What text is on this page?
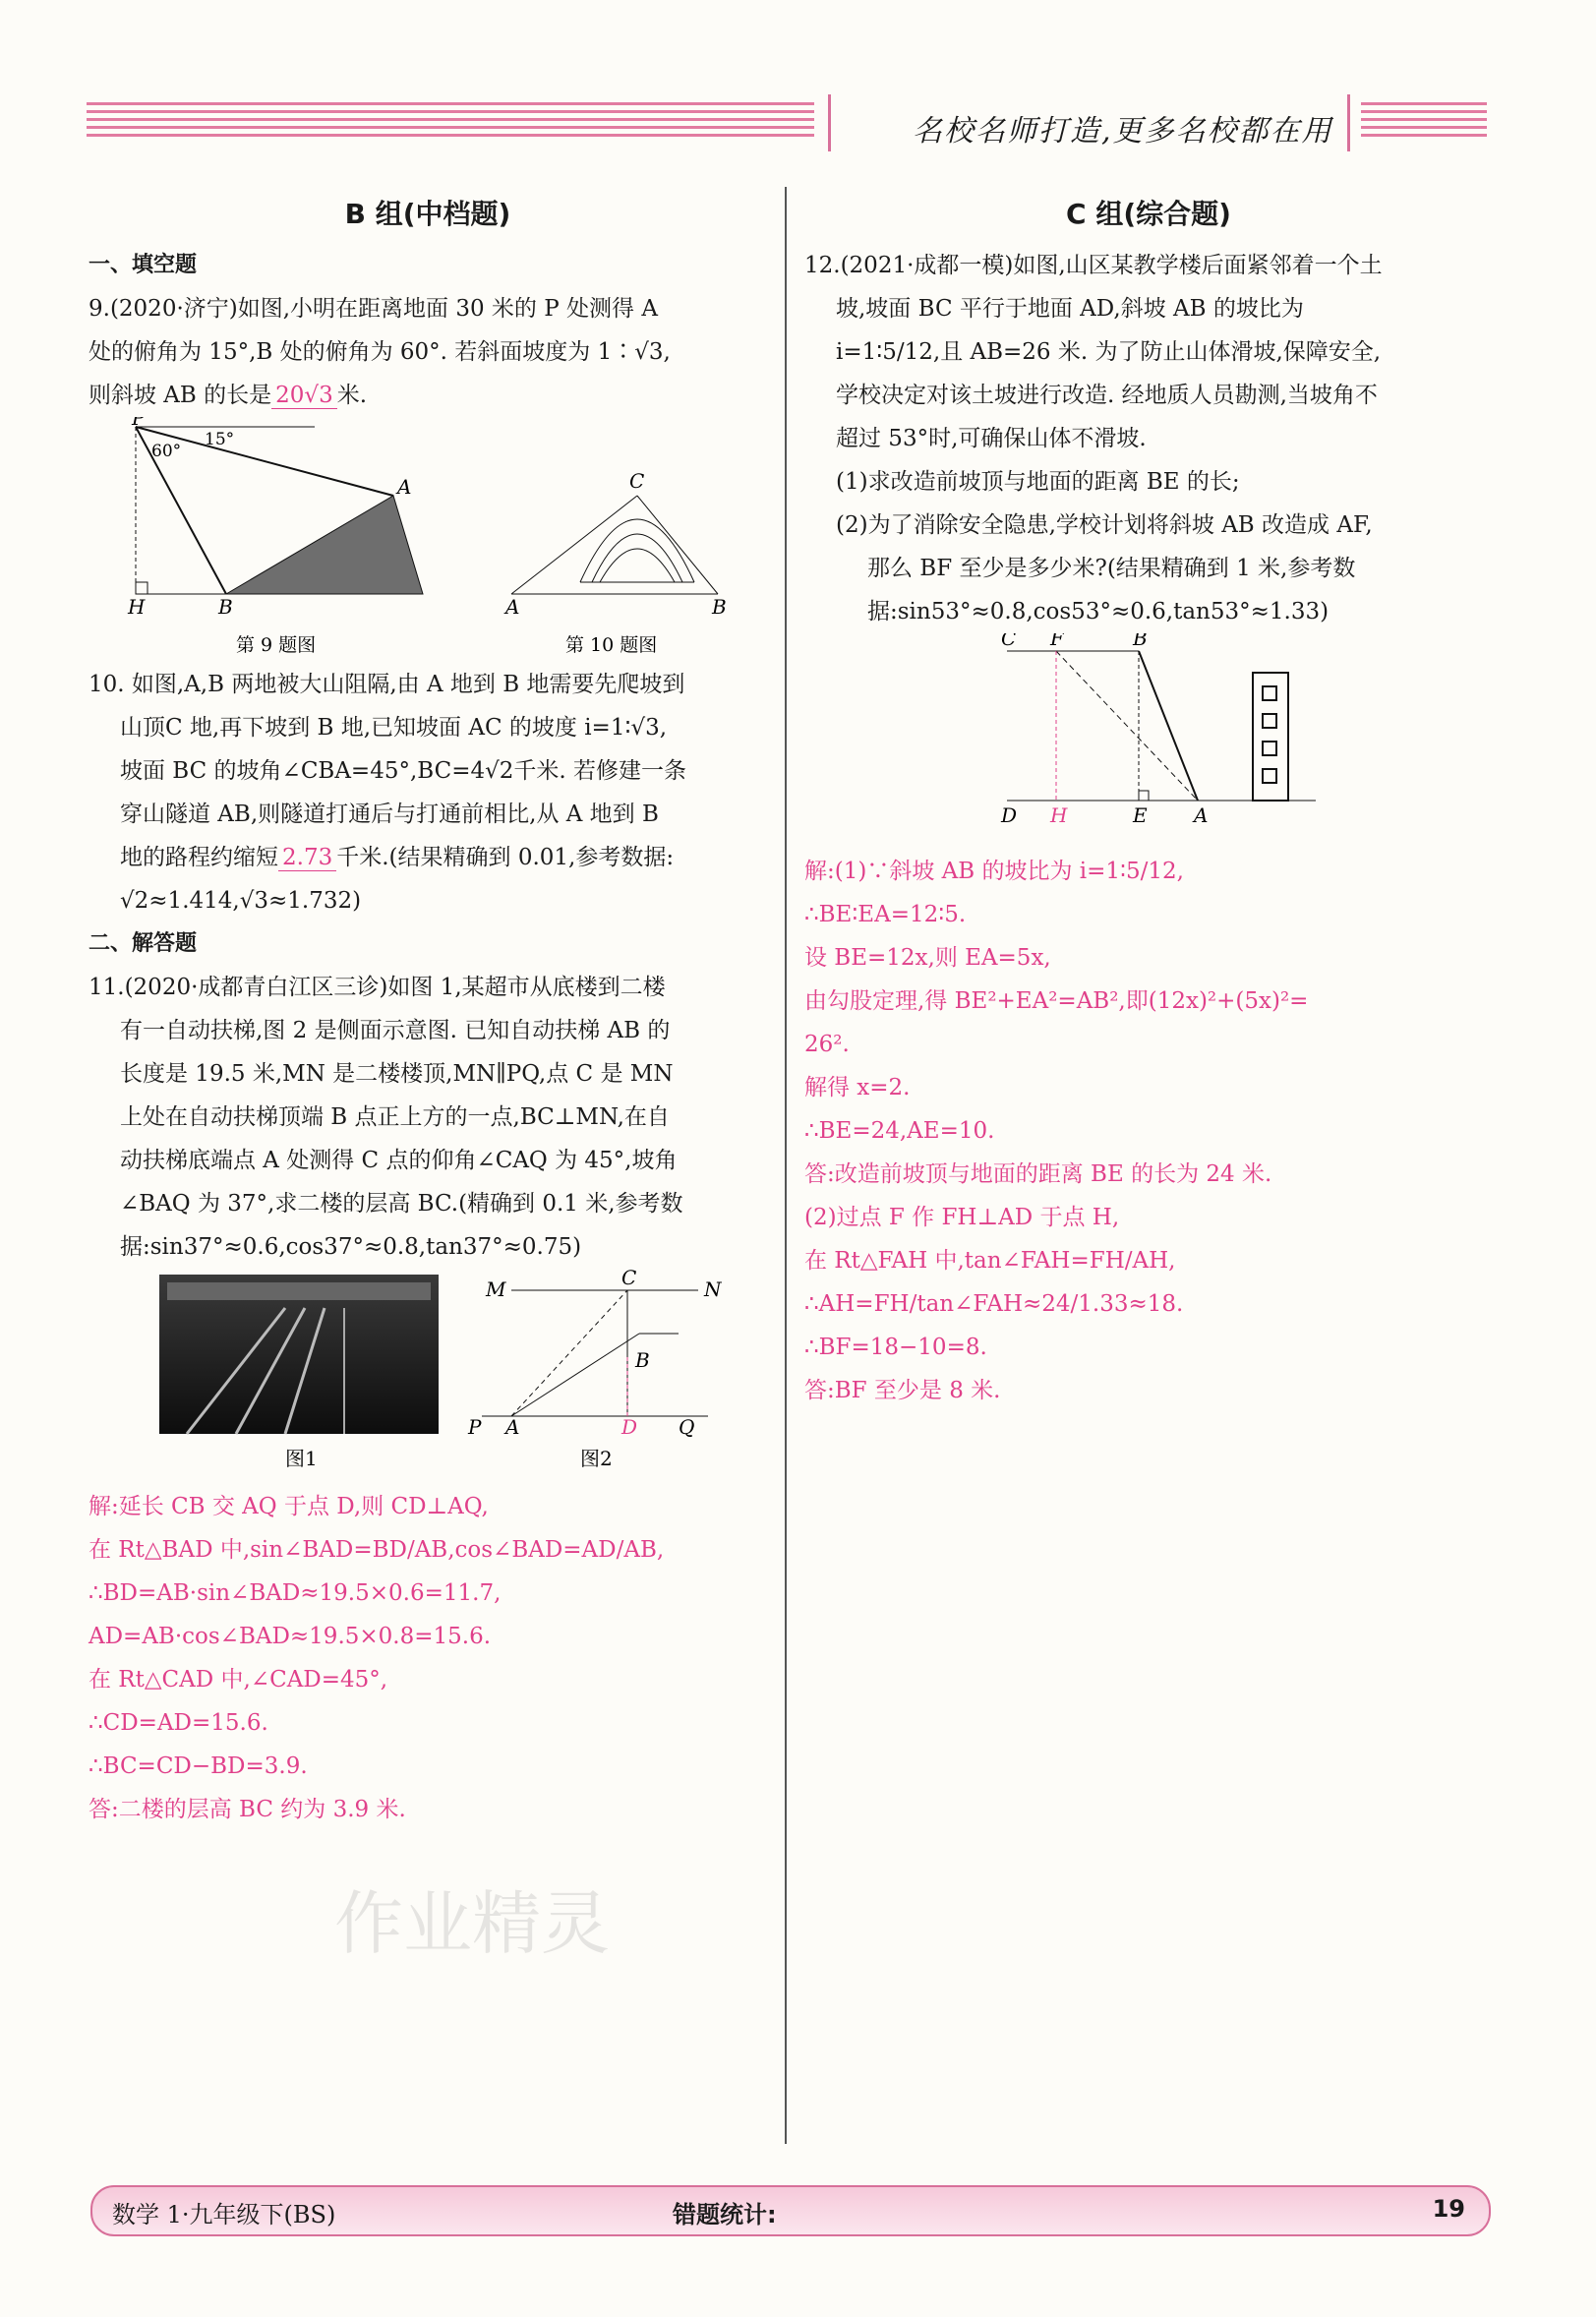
名校名师打造,更多名校都在用

B 组(中档题)

一、填空题

9.(2020·济宁)如图,小明在距离地面 30 米的 P 处测得 A

处的俯角为 15°,B 处的俯角为 60°. 若斜面坡度为 1∶√3,

则斜坡 AB 的长是 20√3 米.

P
A
H	B
60°
15°
C
A	B
第 9 题图	第 10 题图

10. 如图,A,B 两地被大山阻隔,由 A 地到 B 地需要先爬坡到

山顶C 地,再下坡到 B 地,已知坡面 AC 的坡度 i=1∶√3,

坡面 BC 的坡角∠CBA=45°,BC=4√2千米. 若修建一条

穿山隧道 AB,则隧道打通后与打通前相比,从 A 地到 B

地的路程约缩短 2.73 千米.(结果精确到 0.01,参考数据:

√2≈1.414,√3≈1.732)

二、解答题

11.(2020·成都青白江区三诊)如图 1,某超市从底楼到二楼

有一自动扶梯,图 2 是侧面示意图. 已知自动扶梯 AB 的

长度是 19.5 米,MN 是二楼楼顶,MN∥PQ,点 C 是 MN

上处在自动扶梯顶端 B 点正上方的一点,BC⊥MN,在自

动扶梯底端点 A 处测得 C 点的仰角∠CAQ 为 45°,坡角

∠BAQ 为 37°,求二楼的层高 BC.(精确到 0.1 米,参考数

据:sin37°≈0.6,cos37°≈0.8,tan37°≈0.75)

M	C	N
B
P A	D Q
图1	图2

解:延长 CB 交 AQ 于点 D,则 CD⊥AQ,

在 Rt△BAD 中,sin∠BAD=BD/AB,cos∠BAD=AD/AB,

∴BD=AB·sin∠BAD≈19.5×0.6=11.7,

AD=AB·cos∠BAD≈19.5×0.8=15.6.

在 Rt△CAD 中,∠CAD=45°,

∴CD=AD=15.6.

∴BC=CD−BD=3.9.

答:二楼的层高 BC 约为 3.9 米.

C 组(综合题)

12.(2021·成都一模)如图,山区某教学楼后面紧邻着一个土

坡,坡面 BC 平行于地面 AD,斜坡 AB 的坡比为

i=1∶5/12,且 AB=26 米. 为了防止山体滑坡,保障安全,

学校决定对该土坡进行改造. 经地质人员勘测,当坡角不

超过 53°时,可确保山体不滑坡.

(1)求改造前坡顶与地面的距离 BE 的长;

(2)为了消除安全隐患,学校计划将斜坡 AB 改造成 AF,

那么 BF 至少是多少米?(结果精确到 1 米,参考数

据:sin53°≈0.8,cos53°≈0.6,tan53°≈1.33)

C F	B
D H	E A

解:(1)∵斜坡 AB 的坡比为 i=1∶5/12,

∴BE∶EA=12∶5.

设 BE=12x,则 EA=5x,

由勾股定理,得 BE²+EA²=AB²,即(12x)²+(5x)²=

26².

解得 x=2.

∴BE=24,AE=10.

答:改造前坡顶与地面的距离 BE 的长为 24 米.

(2)过点 F 作 FH⊥AD 于点 H,

在 Rt△FAH 中,tan∠FAH=FH/AH,

∴AH=FH/tan∠FAH≈24/1.33≈18.

∴BF=18−10=8.

答:BF 至少是 8 米.

作业精灵
数学 1·九年级下(BS)	错题统计:	19
